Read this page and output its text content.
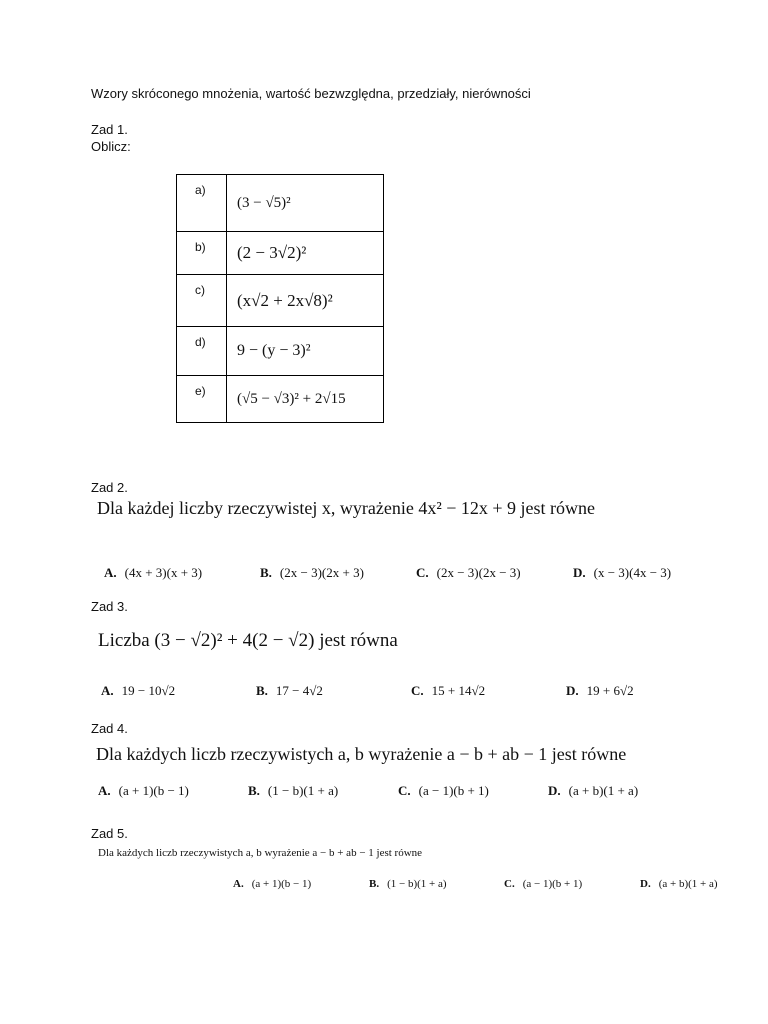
Wzory skróconego mnożenia, wartość bezwzględna, przedziały, nierówności
Zad 1.
Oblicz:
a)	(3 − √5)²
b)	(2 − 3√2)²
c)	(x√2 + 2x√8)²
d)	9 − (y − 3)²
e)	(√5 − √3)² + 2√15
Zad 2.
Dla każdej liczby rzeczywistej x, wyrażenie 4x² − 12x + 9 jest równe
A. (4x + 3)(x + 3)	B. (2x − 3)(2x + 3)	C. (2x − 3)(2x − 3)	D. (x − 3)(4x − 3)
Zad 3.
Liczba (3 − √2)² + 4(2 − √2) jest równa
A. 19 − 10√2	B. 17 − 4√2	C. 15 + 14√2	D. 19 + 6√2
Zad 4.
Dla każdych liczb rzeczywistych a, b wyrażenie a − b + ab − 1 jest równe
A. (a + 1)(b − 1)	B. (1 − b)(1 + a)	C. (a − 1)(b + 1)	D. (a + b)(1 + a)
Zad 5.
Dla każdych liczb rzeczywistych a, b wyrażenie a − b + ab − 1 jest równe
A. (a + 1)(b − 1)	B. (1 − b)(1 + a)	C. (a − 1)(b + 1)	D. (a + b)(1 + a)
